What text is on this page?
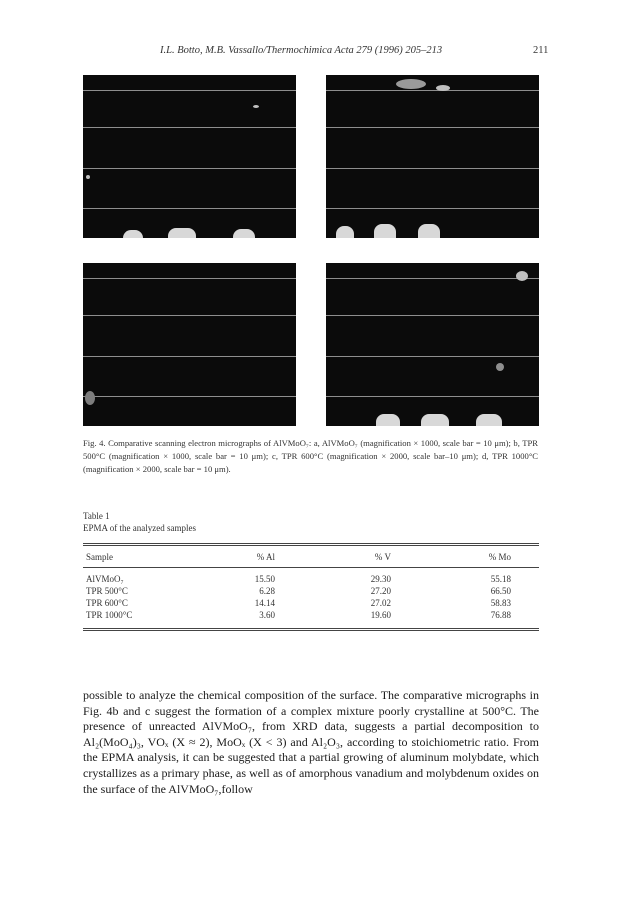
I.L. Botto, M.B. Vassallo/Thermochimica Acta 279 (1996) 205–213	211
Fig. 4. Comparative scanning electron micrographs of AlVMoO₇: a, AlVMoO₇ (magnification × 1000, scale bar = 10 μm); b, TPR 500°C (magnification × 1000, scale bar = 10 μm); c, TPR 600°C (magnification × 2000, scale bar–10 μm); d, TPR 1000°C (magnification × 2000, scale bar = 10 μm).
Table 1
EPMA of the analyzed samples
Sample	% Al	% V	% Mo
AlVMoO₇	15.50	29.30	55.18
TPR 500°C	6.28	27.20	66.50
TPR 600°C	14.14	27.02	58.83
TPR 1000°C	3.60	19.60	76.88

possible to analyze the chemical composition of the surface. The comparative micrographs in Fig. 4b and c suggest the formation of a complex mixture poorly crystalline at 500°C. The presence of unreacted AlVMoO₇, from XRD data, suggests a partial decomposition to Al₂(MoO₄)₃, VOₓ (X ≈ 2), MoOₓ (X < 3) and Al₂O₃, according to stoichiometric ratio. From the EPMA analysis, it can be suggested that a partial growing of aluminum molybdate, which crystallizes as a primary phase, as well as of amorphous vanadium and molybdenum oxides on the surface of the AlVMoO₇,follow
